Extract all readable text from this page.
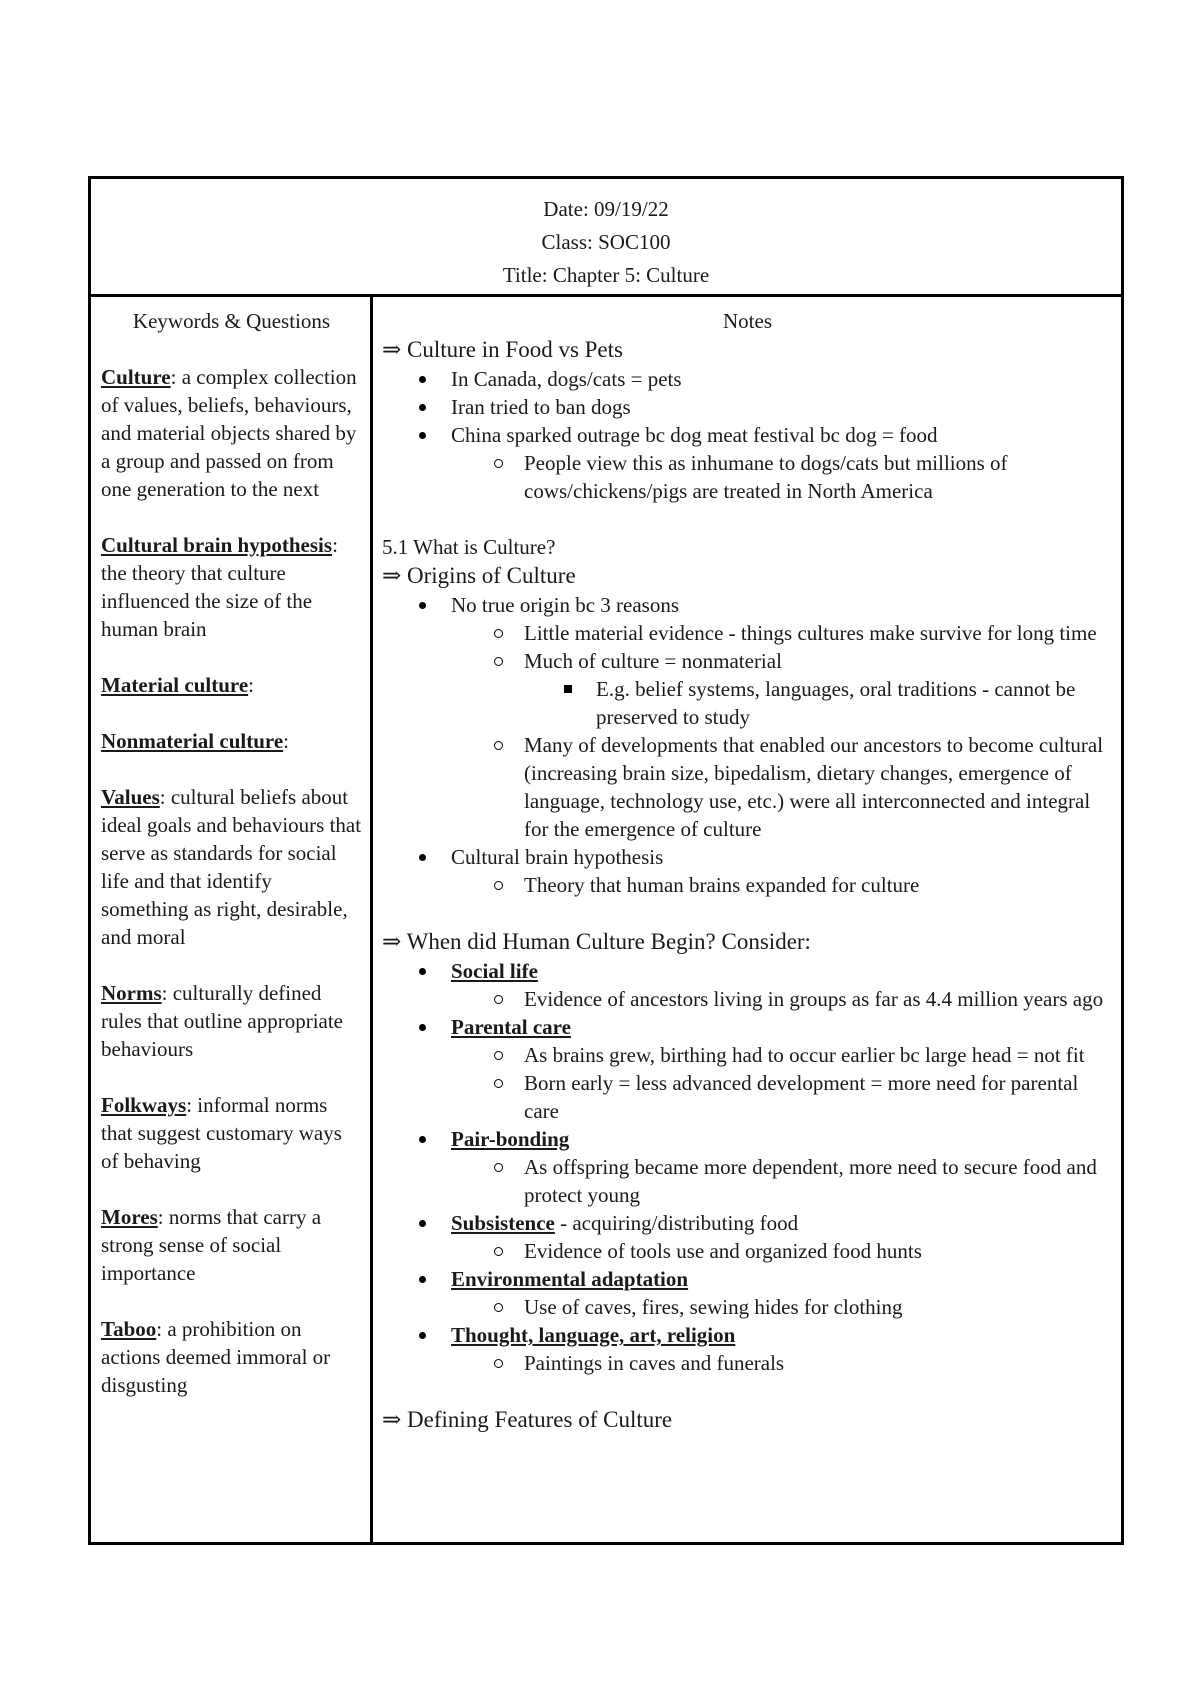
Date: 09/19/22
Class: SOC100
Title: Chapter 5: Culture
Keywords & Questions
Culture: a complex collection of values, beliefs, behaviours, and material objects shared by a group and passed on from one generation to the next
Cultural brain hypothesis: the theory that culture influenced the size of the human brain
Material culture:
Nonmaterial culture:
Values: cultural beliefs about ideal goals and behaviours that serve as standards for social life and that identify something as right, desirable, and moral
Norms: culturally defined rules that outline appropriate behaviours
Folkways: informal norms that suggest customary ways of behaving
Mores: norms that carry a strong sense of social importance
Taboo: a prohibition on actions deemed immoral or disgusting
Notes
⇒ Culture in Food vs Pets
In Canada, dogs/cats = pets
Iran tried to ban dogs
China sparked outrage bc dog meat festival bc dog = food
People view this as inhumane to dogs/cats but millions of cows/chickens/pigs are treated in North America
5.1 What is Culture?
⇒ Origins of Culture
No true origin bc 3 reasons
Little material evidence - things cultures make survive for long time
Much of culture = nonmaterial
E.g. belief systems, languages, oral traditions - cannot be preserved to study
Many of developments that enabled our ancestors to become cultural (increasing brain size, bipedalism, dietary changes, emergence of language, technology use, etc.) were all interconnected and integral for the emergence of culture
Cultural brain hypothesis
Theory that human brains expanded for culture
⇒ When did Human Culture Begin? Consider:
Social life
Evidence of ancestors living in groups as far as 4.4 million years ago
Parental care
As brains grew, birthing had to occur earlier bc large head = not fit
Born early = less advanced development = more need for parental care
Pair-bonding
As offspring became more dependent, more need to secure food and protect young
Subsistence - acquiring/distributing food
Evidence of tools use and organized food hunts
Environmental adaptation
Use of caves, fires, sewing hides for clothing
Thought, language, art, religion
Paintings in caves and funerals
⇒ Defining Features of Culture
